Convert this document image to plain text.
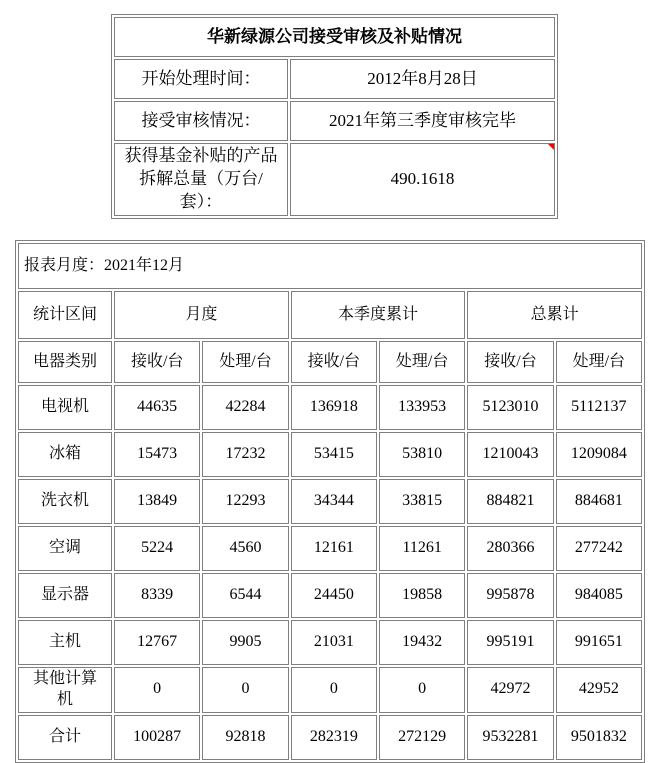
华新绿源公司接受审核及补贴情况	
开始处理时间：	2012年8月28日
接受审核情况：	2021年第三季度审核完毕
获得基金补贴的产品拆解总量（万台/套）：	490.1618
报表月度：2021年12月						
统计区间	月度		本季度累计		总累计	
电器类别	接收/台	处理/台	接收/台	处理/台	接收/台	处理/台
电视机	44635	42284	136918	133953	5123010	5112137
冰箱	15473	17232	53415	53810	1210043	1209084
洗衣机	13849	12293	34344	33815	884821	884681
空调	5224	4560	12161	11261	280366	277242
显示器	8339	6544	24450	19858	995878	984085
主机	12767	9905	21031	19432	995191	991651
其他计算机	0	0	0	0	42972	42952
合计	100287	92818	282319	272129	9532281	9501832
